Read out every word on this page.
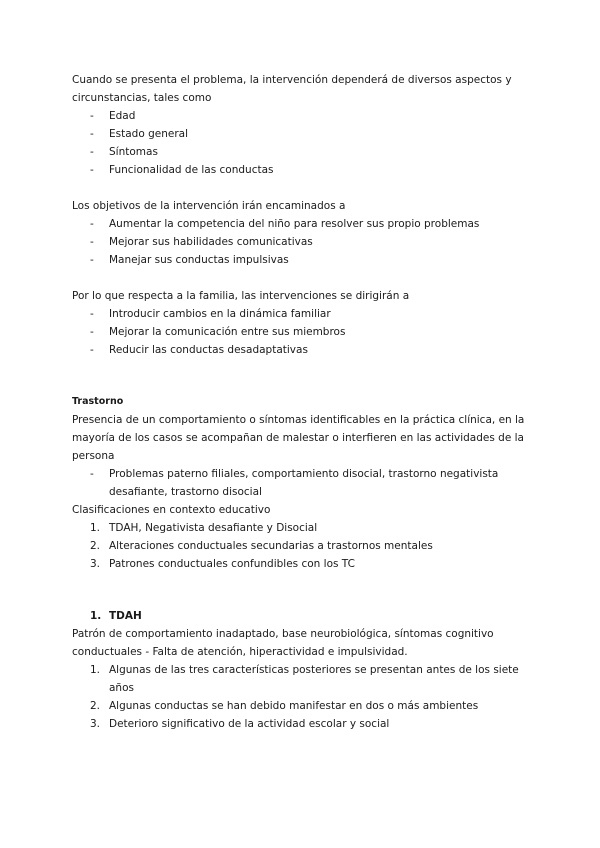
Cuando se presenta el problema, la intervención dependerá de diversos aspectos y circunstancias, tales como

- Edad
- Estado general
- Síntomas
- Funcionalidad de las conductas

Los objetivos de la intervención irán encaminados a

- Aumentar la competencia del niño para resolver sus propio problemas
- Mejorar sus habilidades comunicativas
- Manejar sus conductas impulsivas

Por lo que respecta a la familia, las intervenciones se dirigirán a

- Introducir cambios en la dinámica familiar
- Mejorar la comunicación entre sus miembros
- Reducir las conductas desadaptativas

Trastorno

Presencia de un comportamiento o síntomas identificables en la práctica clínica, en la mayoría de los casos se acompañan de malestar o interfieren en las actividades de la persona

- Problemas paterno filiales, comportamiento disocial, trastorno negativista desafiante, trastorno disocial

Clasificaciones en contexto educativo

1. TDAH, Negativista desafiante y Disocial
2. Alteraciones conductuales secundarias a trastornos mentales
3. Patrones conductuales confundibles con los TC
1. TDAH

Patrón de comportamiento inadaptado, base neurobiológica, síntomas cognitivo conductuales - Falta de atención, hiperactividad e impulsividad.

1. Algunas de las tres características posteriores se presentan antes de los siete años
2. Algunas conductas se han debido manifestar en dos o más ambientes
3. Deterioro significativo de la actividad escolar y social
